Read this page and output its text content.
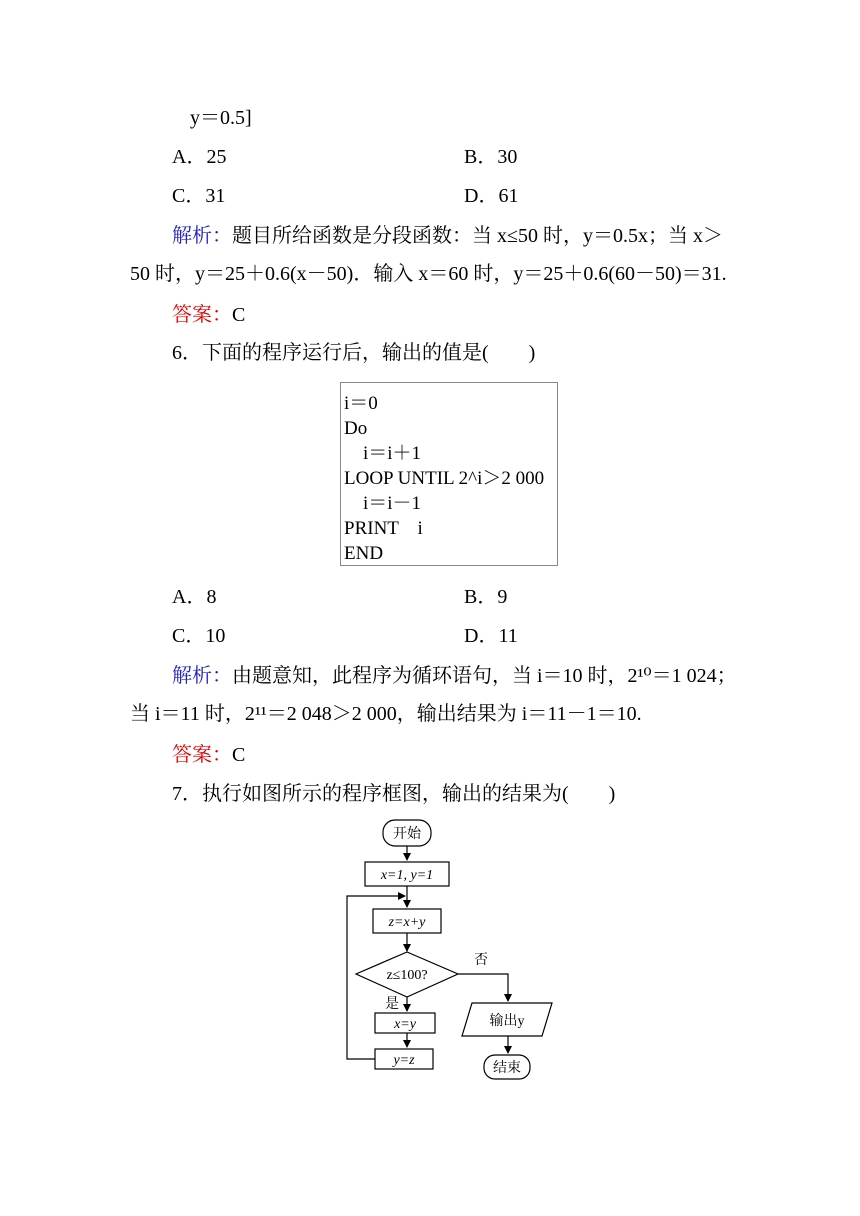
y＝0.5]
A．25	B．30
C．31	D．61
解析：题目所给函数是分段函数：当 x≤50 时，y＝0.5x；当 x＞
50 时，y＝25＋0.6(x－50)．输入 x＝60 时，y＝25＋0.6(60－50)＝31.
答案：C
6．下面的程序运行后，输出的值是(　　)
i＝0
Do
　i＝i＋1
LOOP UNTIL 2^i＞2 000
　i＝i－1
PRINT　i
END
A．8	B．9
C．10	D．11
解析：由题意知，此程序为循环语句，当 i＝10 时，2¹⁰＝1 024；
当 i＝11 时，2¹¹＝2 048＞2 000，输出结果为 i＝11－1＝10.
答案：C
7．执行如图所示的程序框图，输出的结果为(　　)
开始
x=1, y=1
z=x+y
z≤100?
是
否
x=y
y=z
输出y
结束
